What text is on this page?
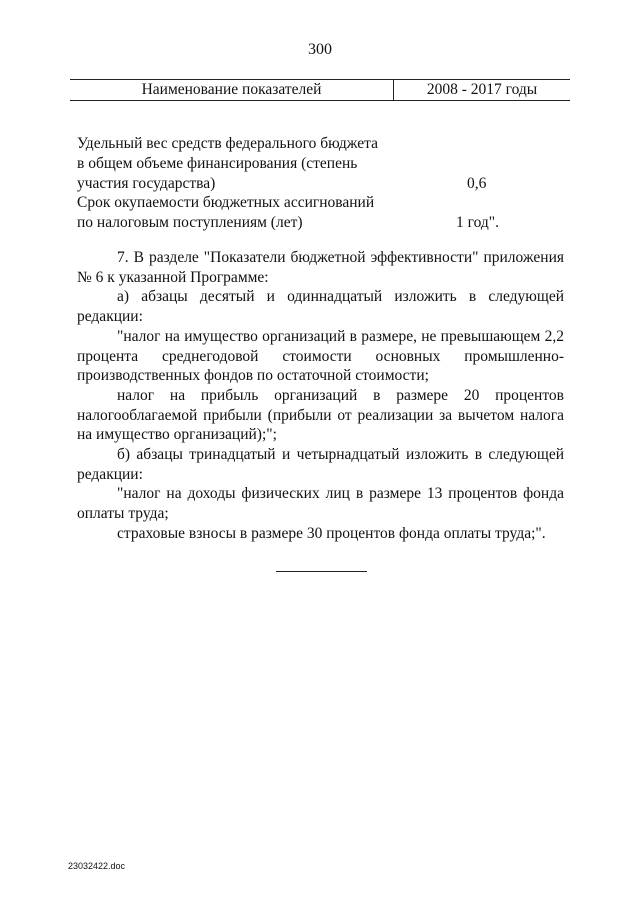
300
Наименование показателей	2008 - 2017 годы
Удельный вес средств федерального бюджета
в общем объеме финансирования (степень
участия государства)	0,6
Срок окупаемости бюджетных ассигнований
по налоговым поступлениям (лет)	1 год".

7. В разделе "Показатели бюджетной эффективности" приложения № 6 к указанной Программе:

а) абзацы десятый и одиннадцатый изложить в следующей редакции:

"налог на имущество организаций в размере, не превышающем 2,2 процента среднегодовой стоимости основных промышленно-производственных фондов по остаточной стоимости;

налог на прибыль организаций в размере 20 процентов налогооблагаемой прибыли (прибыли от реализации за вычетом налога на имущество организаций);";

б) абзацы тринадцатый и четырнадцатый изложить в следующей редакции:

"налог на доходы физических лиц в размере 13 процентов фонда оплаты труда;

страховые взносы в размере 30 процентов фонда оплаты труда;".

23032422.doc
